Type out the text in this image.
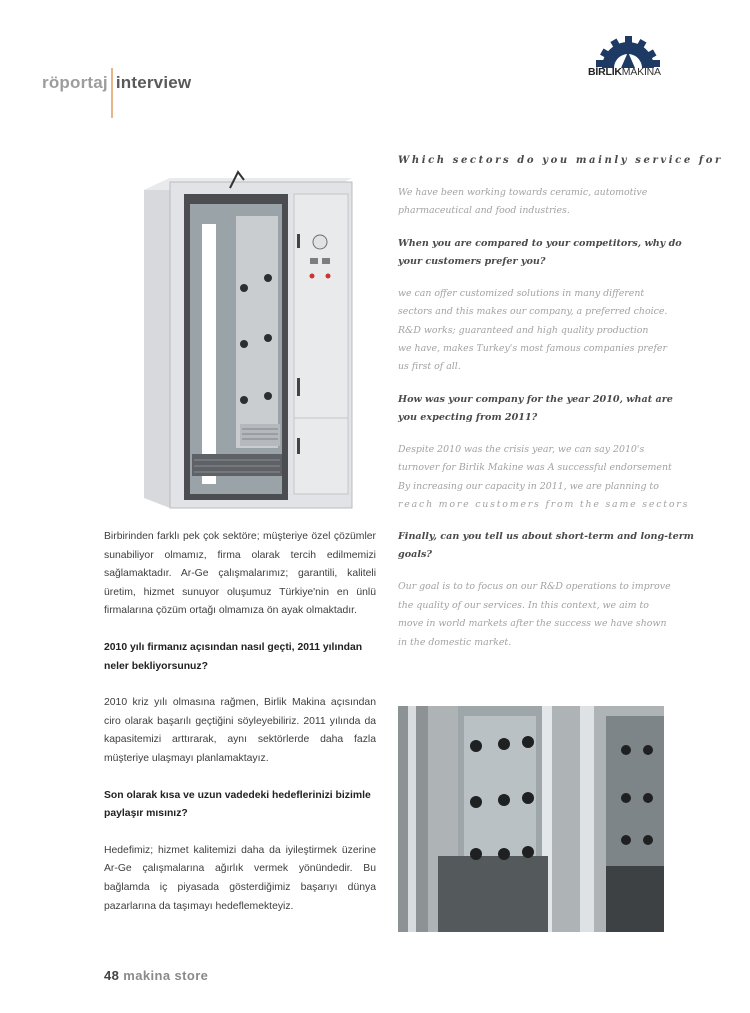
röportaj interview
BİRLİKMAKİNA
Which sectors do you mainly service for
We have been working towards ceramic, automotive
pharmaceutical and food industries.
When you are compared to your competitors, why do
your customers prefer you?
we can offer customized solutions in many different
sectors and this makes our company, a preferred choice.
R&D works; guaranteed and high quality production
we have, makes Turkey's most famous companies prefer
us first of all.
How was your company for the year 2010, what are
you expecting from 2011?
Despite 2010 was the crisis year, we can say 2010's
turnover for Birlik Makine was A successful endorsement
By increasing our capacity in 2011, we are planning to
reach more customers from the same sectors
Finally, can you tell us about short-term and long-term
goals?
Our goal is to to focus on our R&D operations to improve
the quality of our services. In this context, we aim to
move in world markets after the success we have shown
in the domestic market.

Birbirinden farklı pek çok sektöre; müşteriye özel çözümler sunabiliyor olmamız, firma olarak tercih edilmemizi sağlamaktadır. Ar-Ge çalışmalarımız; garantili, kaliteli üretim, hizmet sunuyor oluşumuz Türkiye'nin en ünlü firmalarına çözüm ortağı olmamıza ön ayak olmaktadır.

2010 yılı firmanız açısından nasıl geçti, 2011 yılından neler bekliyorsunuz?

2010 kriz yılı olmasına rağmen, Birlik Makina açısından ciro olarak başarılı geçtiğini söyleyebiliriz. 2011 yılında da kapasitemizi arttırarak, aynı sektörlerde daha fazla müşteriye ulaşmayı planlamaktayız.

Son olarak kısa ve uzun vadedeki hedeflerinizi bizimle paylaşır mısınız?

Hedefimiz; hizmet kalitemizi daha da iyileştirmek üzerine Ar-Ge çalışmalarına ağırlık vermek yönündedir. Bu bağlamda iç piyasada gösterdiğimiz başarıyı dünya pazarlarına da taşımayı hedeflemekteyiz.

48 makina store
